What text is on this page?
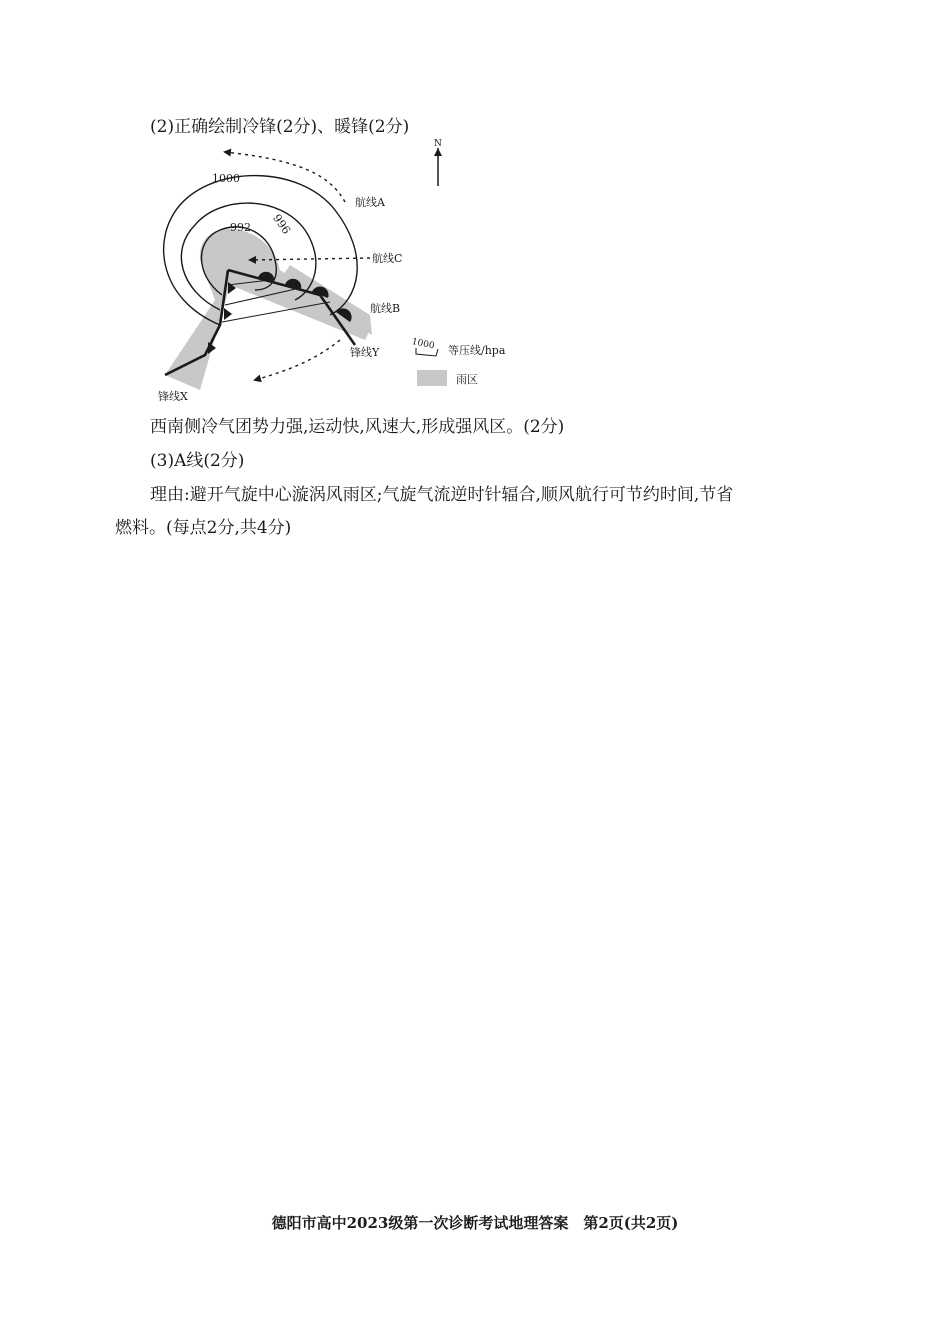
(2)正确绘制冷锋(2分)、暖锋(2分)
1000
996
992
航线A
航线C
航线B
锋线X
锋线Y
N
1000 等压线/hpa
雨区
西南侧冷气团势力强,运动快,风速大,形成强风区。(2分)
(3)A线(2分)
理由:避开气旋中心漩涡风雨区;气旋气流逆时针辐合,顺风航行可节约时间,节省
燃料。(每点2分,共4分)
德阳市高中2023级第一次诊断考试地理答案　第2页(共2页)
